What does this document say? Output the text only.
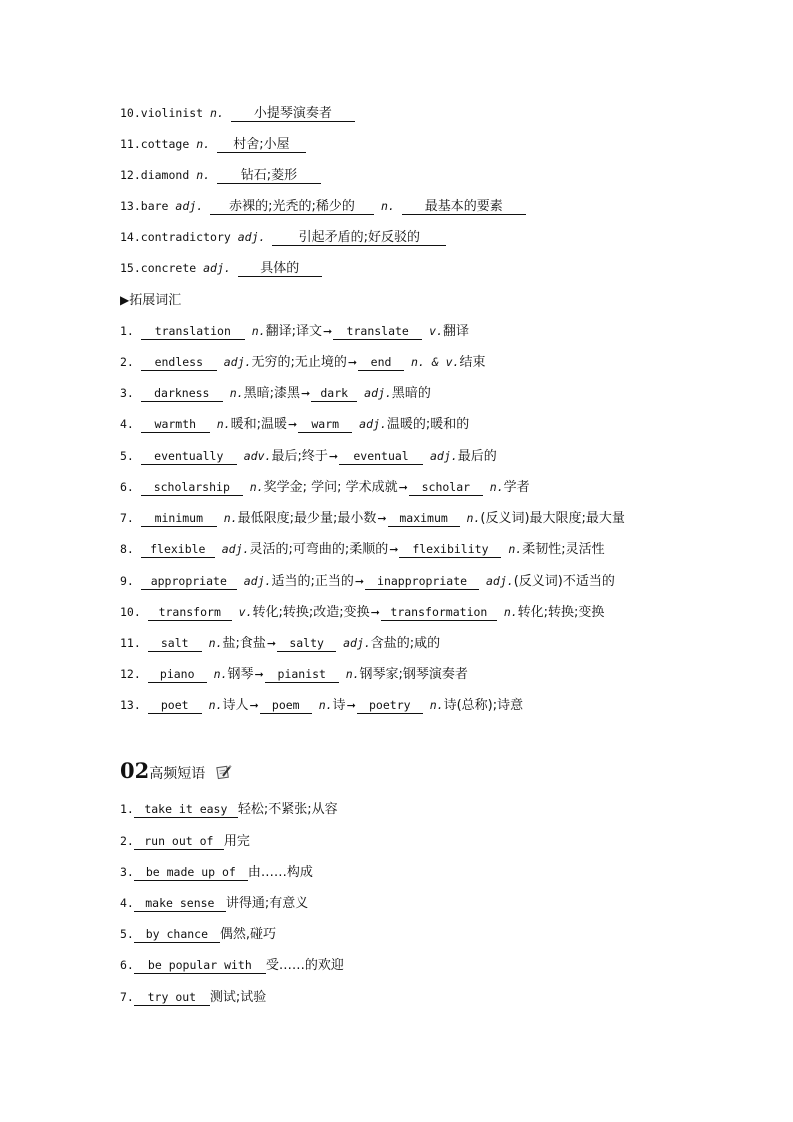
10.violinist n. 小提琴演奏者
11.cottage n. 村舍;小屋
12.diamond n. 钻石;菱形
13.bare adj. 赤裸的;光秃的;稀少的 n. 最基本的要素
14.contradictory adj.	引起矛盾的;好反驳的
15.concrete adj. 具体的
▶拓展词汇
1. translation n.翻译;译文➞ translate v.翻译
2. endless adj.无穷的;无止境的➞ end n. & v.结束
3. darkness n.黑暗;漆黑➞ dark adj.黑暗的
4. warmth n.暖和;温暖➞ warm adj.温暖的;暖和的
5. eventually adv.最后;终于➞ eventual adj.最后的
6. scholarship n.奖学金; 学问; 学术成就➞ scholar n.学者
7. minimum n.最低限度;最少量;最小数➞ maximum n.(反义词)最大限度;最大量
8. flexible adj.灵活的;可弯曲的;柔顺的➞ flexibility n.柔韧性;灵活性
9. appropriate adj.适当的;正当的➞ inappropriate adj.(反义词)不适当的
10. transform v.转化;转换;改造;变换➞ transformation n.转化;转换;变换
11. salt n.盐;食盐➞ salty adj.含盐的;咸的
12. piano n.钢琴➞ pianist n.钢琴家;钢琴演奏者
13. poet n.诗人➞ poem n.诗➞ poetry n.诗(总称);诗意
02高频短语
1. take it easy 轻松;不紧张;从容
2. run out of 用完
3. be made up of 由……构成
4. make sense 讲得通;有意义
5. by chance 偶然,碰巧
6. be popular with 受……的欢迎
7. try out 测试;试验
